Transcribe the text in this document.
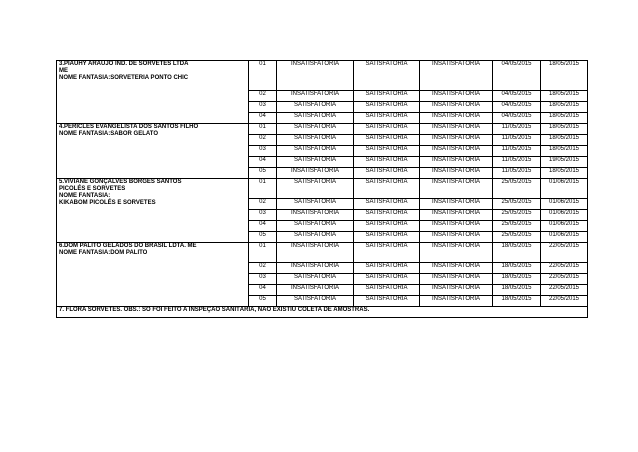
3.PIAUHY ARAUJO IND. DE SORVETES LTDA
ME
NOME FANTASIA:SORVETERIA PONTO CHIC	01	INSATISFATÓRIA	SATISFATÓRIA	INSATISFATÓRIA	04/05/2015	18/05/2015
	02	INSATISFATÓRIA	SATISFATÓRIA	INSATISFATÓRIA	04/05/2015	18/05/2015
	03	SATISFATÓRIA	SATISFATÓRIA	INSATISFATÓRIA	04/05/2015	18/05/2015
	04	SATISFATÓRIA	SATISFATÓRIA	INSATISFATÓRIA	04/05/2015	18/05/2015

4.PÉRICLES EVANGELISTA DOS SANTOS FILHO
NOME FANTASIA:SABOR GELATO	01	SATISFATÓRIA	SATISFATÓRIA	INSATISFATÓRIA	11/05/2015	18/05/2015
	02	SATISFATÓRIA	SATISFATÓRIA	INSATISFATÓRIA	11/05/2015	18/05/2015
	03	SATISFATÓRIA	SATISFATÓRIA	INSATISFATÓRIA	11/05/2015	18/05/2015
	04	SATISFATÓRIA	SATISFATÓRIA	INSATISFATÓRIA	11/05/2015	19/05/2015
	05	INSATISFATÓRIA	SATISFATÓRIA	INSATISFATÓRIA	11/05/2015	18/05/2015

5.VIVIANE GONÇALVES BORGES SANTOS
PICOLÉS E SORVETES
NOME FANTASIA:
KIKABOM PICOLÉS E SORVETES	01	SATISFATÓRIA	SATISFATÓRIA	INSATISFATÓRIA	25/05/2015	01/06/2015
	02	SATISFATÓRIA	SATISFATÓRIA	INSATISFATÓRIA	25/05/2015	01/06/2015
	03	INSATISFATÓRIA	SATISFATÓRIA	INSATISFATÓRIA	25/05/2015	01/06/2015
	04	SATISFATÓRIA	SATISFATÓRIA	INSATISFATÓRIA	25/05/2015	01/06/2015
	05	SATISFATÓRIA	SATISFATÓRIA	INSATISFATÓRIA	25/05/2015	01/06/2015

6.DOM PALITO GELADOS DO BRASIL LDTA. ME
NOME FANTASIA:DOM PALITO	01	INSATISFATÓRIA	SATISFATÓRIA	INSATISFATÓRIA	18/05/2015	22/05/2015
	02	INSATISFATÓRIA	SATISFATÓRIA	INSATISFATÓRIA	18/05/2015	22/05/2015
	03	SATISFATÓRIA	SATISFATÓRIA	INSATISFATÓRIA	18/05/2015	22/05/2015
	04	INSATISFATÓRIA	SATISFATÓRIA	INSATISFATÓRIA	18/05/2015	22/05/2015
	05	SATISFATÓRIA	SATISFATÓRIA	INSATISFATÓRIA	18/05/2015	22/05/2015
7. FLORA SORVETES. OBS.: SÓ FOI FEITO A INSPEÇÃO SANITÁRIA, NÃO EXISTIU COLETA DE AMOSTRAS.						
